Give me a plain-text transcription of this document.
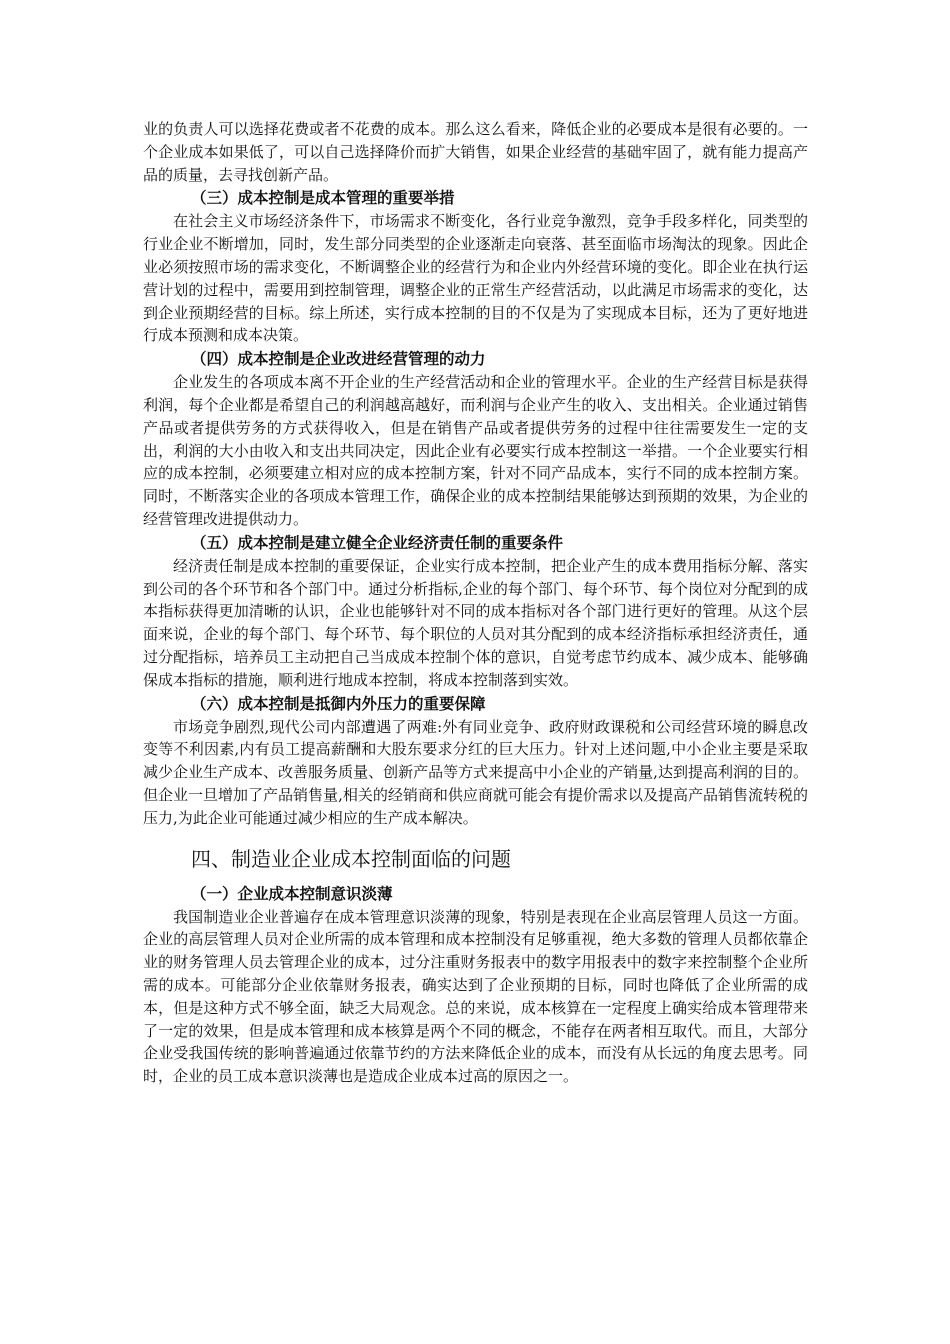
业的负责人可以选择花费或者不花费的成本。那么这么看来，降低企业的必要成本是很有必要的。一个企业成本如果低了，可以自己选择降价而扩大销售，如果企业经营的基础牢固了，就有能力提高产品的质量，去寻找创新产品。

（三）成本控制是成本管理的重要举措

在社会主义市场经济条件下，市场需求不断变化，各行业竞争激烈，竞争手段多样化，同类型的行业企业不断增加，同时，发生部分同类型的企业逐渐走向衰落、甚至面临市场淘汰的现象。因此企业必须按照市场的需求变化，不断调整企业的经营行为和企业内外经营环境的变化。即企业在执行运营计划的过程中，需要用到控制管理，调整企业的正常生产经营活动，以此满足市场需求的变化，达到企业预期经营的目标。综上所述，实行成本控制的目的不仅是为了实现成本目标，还为了更好地进行成本预测和成本决策。

（四）成本控制是企业改进经营管理的动力

企业发生的各项成本离不开企业的生产经营活动和企业的管理水平。企业的生产经营目标是获得利润，每个企业都是希望自己的利润越高越好，而利润与企业产生的收入、支出相关。企业通过销售产品或者提供劳务的方式获得收入，但是在销售产品或者提供劳务的过程中往往需要发生一定的支出，利润的大小由收入和支出共同决定，因此企业有必要实行成本控制这一举措。一个企业要实行相应的成本控制，必须要建立相对应的成本控制方案，针对不同产品成本，实行不同的成本控制方案。同时，不断落实企业的各项成本管理工作，确保企业的成本控制结果能够达到预期的效果，为企业的经营管理改进提供动力。

（五）成本控制是建立健全企业经济责任制的重要条件

经济责任制是成本控制的重要保证，企业实行成本控制，把企业产生的成本费用指标分解、落实到公司的各个环节和各个部门中。通过分析指标,企业的每个部门、每个环节、每个岗位对分配到的成本指标获得更加清晰的认识，企业也能够针对不同的成本指标对各个部门进行更好的管理。从这个层面来说，企业的每个部门、每个环节、每个职位的人员对其分配到的成本经济指标承担经济责任，通过分配指标，培养员工主动把自己当成成本控制个体的意识，自觉考虑节约成本、减少成本、能够确保成本指标的措施，顺利进行地成本控制，将成本控制落到实效。

（六）成本控制是抵御内外压力的重要保障

市场竞争剧烈,现代公司内部遭遇了两难:外有同业竞争、政府财政课税和公司经营环境的瞬息改变等不利因素,内有员工提高薪酬和大股东要求分红的巨大压力。针对上述问题,中小企业主要是采取减少企业生产成本、改善服务质量、创新产品等方式来提高中小企业的产销量,达到提高利润的目的。但企业一旦增加了产品销售量,相关的经销商和供应商就可能会有提价需求以及提高产品销售流转税的压力,为此企业可能通过减少相应的生产成本解决。

四、制造业企业成本控制面临的问题
（一）企业成本控制意识淡薄

我国制造业企业普遍存在成本管理意识淡薄的现象，特别是表现在企业高层管理人员这一方面。企业的高层管理人员对企业所需的成本管理和成本控制没有足够重视，绝大多数的管理人员都依靠企业的财务管理人员去管理企业的成本，过分注重财务报表中的数字用报表中的数字来控制整个企业所需的成本。可能部分企业依靠财务报表，确实达到了企业预期的目标，同时也降低了企业所需的成本，但是这种方式不够全面，缺乏大局观念。总的来说，成本核算在一定程度上确实给成本管理带来了一定的效果，但是成本管理和成本核算是两个不同的概念，不能存在两者相互取代。而且，大部分企业受我国传统的影响普遍通过依靠节约的方法来降低企业的成本，而没有从长远的角度去思考。同时，企业的员工成本意识淡薄也是造成企业成本过高的原因之一。
